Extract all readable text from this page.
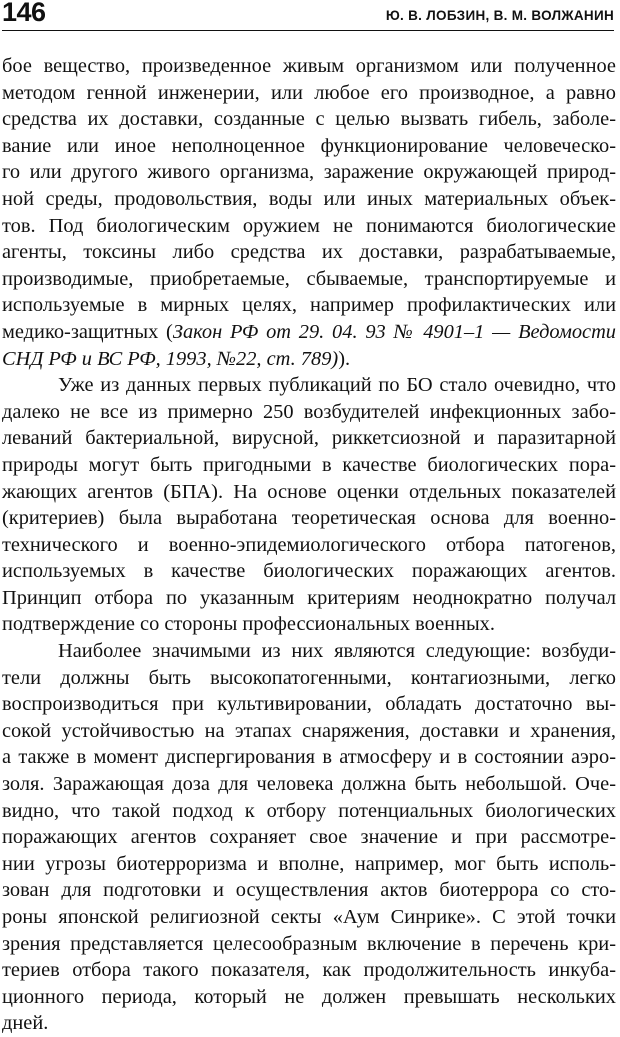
146	Ю. В. ЛОБЗИН, В. М. ВОЛЖАНИН
бое вещество, произведенное живым организмом или полученное
методом генной инженерии, или любое его производное, а равно
средства их доставки, созданные с целью вызвать гибель, заболе-
вание или иное неполноценное функционирование человеческо-
го или другого живого организма, заражение окружающей природ-
ной среды, продовольствия, воды или иных материальных объек-
тов. Под биологическим оружием не понимаются биологические
агенты, токсины либо средства их доставки, разрабатываемые,
производимые, приобретаемые, сбываемые, транспортируемые и
используемые в мирных целях, например профилактических или
медико-защитных (Закон РФ от 29. 04. 93 № 4901–1 — Ведомости
СНД РФ и ВС РФ, 1993, №22, ст. 789)).
Уже из данных первых публикаций по БО стало очевидно, что
далеко не все из примерно 250 возбудителей инфекционных забо-
леваний бактериальной, вирусной, риккетсиозной и паразитарной
природы могут быть пригодными в качестве биологических пора-
жающих агентов (БПА). На основе оценки отдельных показателей
(критериев) была выработана теоретическая основа для военно-
технического и военно-эпидемиологического отбора патогенов,
используемых в качестве биологических поражающих агентов.
Принцип отбора по указанным критериям неоднократно получал
подтверждение со стороны профессиональных военных.
Наиболее значимыми из них являются следующие: возбуди-
тели должны быть высокопатогенными, контагиозными, легко
воспроизводиться при культивировании, обладать достаточно вы-
сокой устойчивостью на этапах снаряжения, доставки и хранения,
а также в момент диспергирования в атмосферу и в состоянии аэро-
золя. Заражающая доза для человека должна быть небольшой. Оче-
видно, что такой подход к отбору потенциальных биологических
поражающих агентов сохраняет свое значение и при рассмотре-
нии угрозы биотерроризма и вполне, например, мог быть исполь-
зован для подготовки и осуществления актов биотеррора со сто-
роны японской религиозной секты «Аум Синрике». С этой точки
зрения представляется целесообразным включение в перечень кри-
териев отбора такого показателя, как продолжительность инкуба-
ционного периода, который не должен превышать нескольких
дней.
